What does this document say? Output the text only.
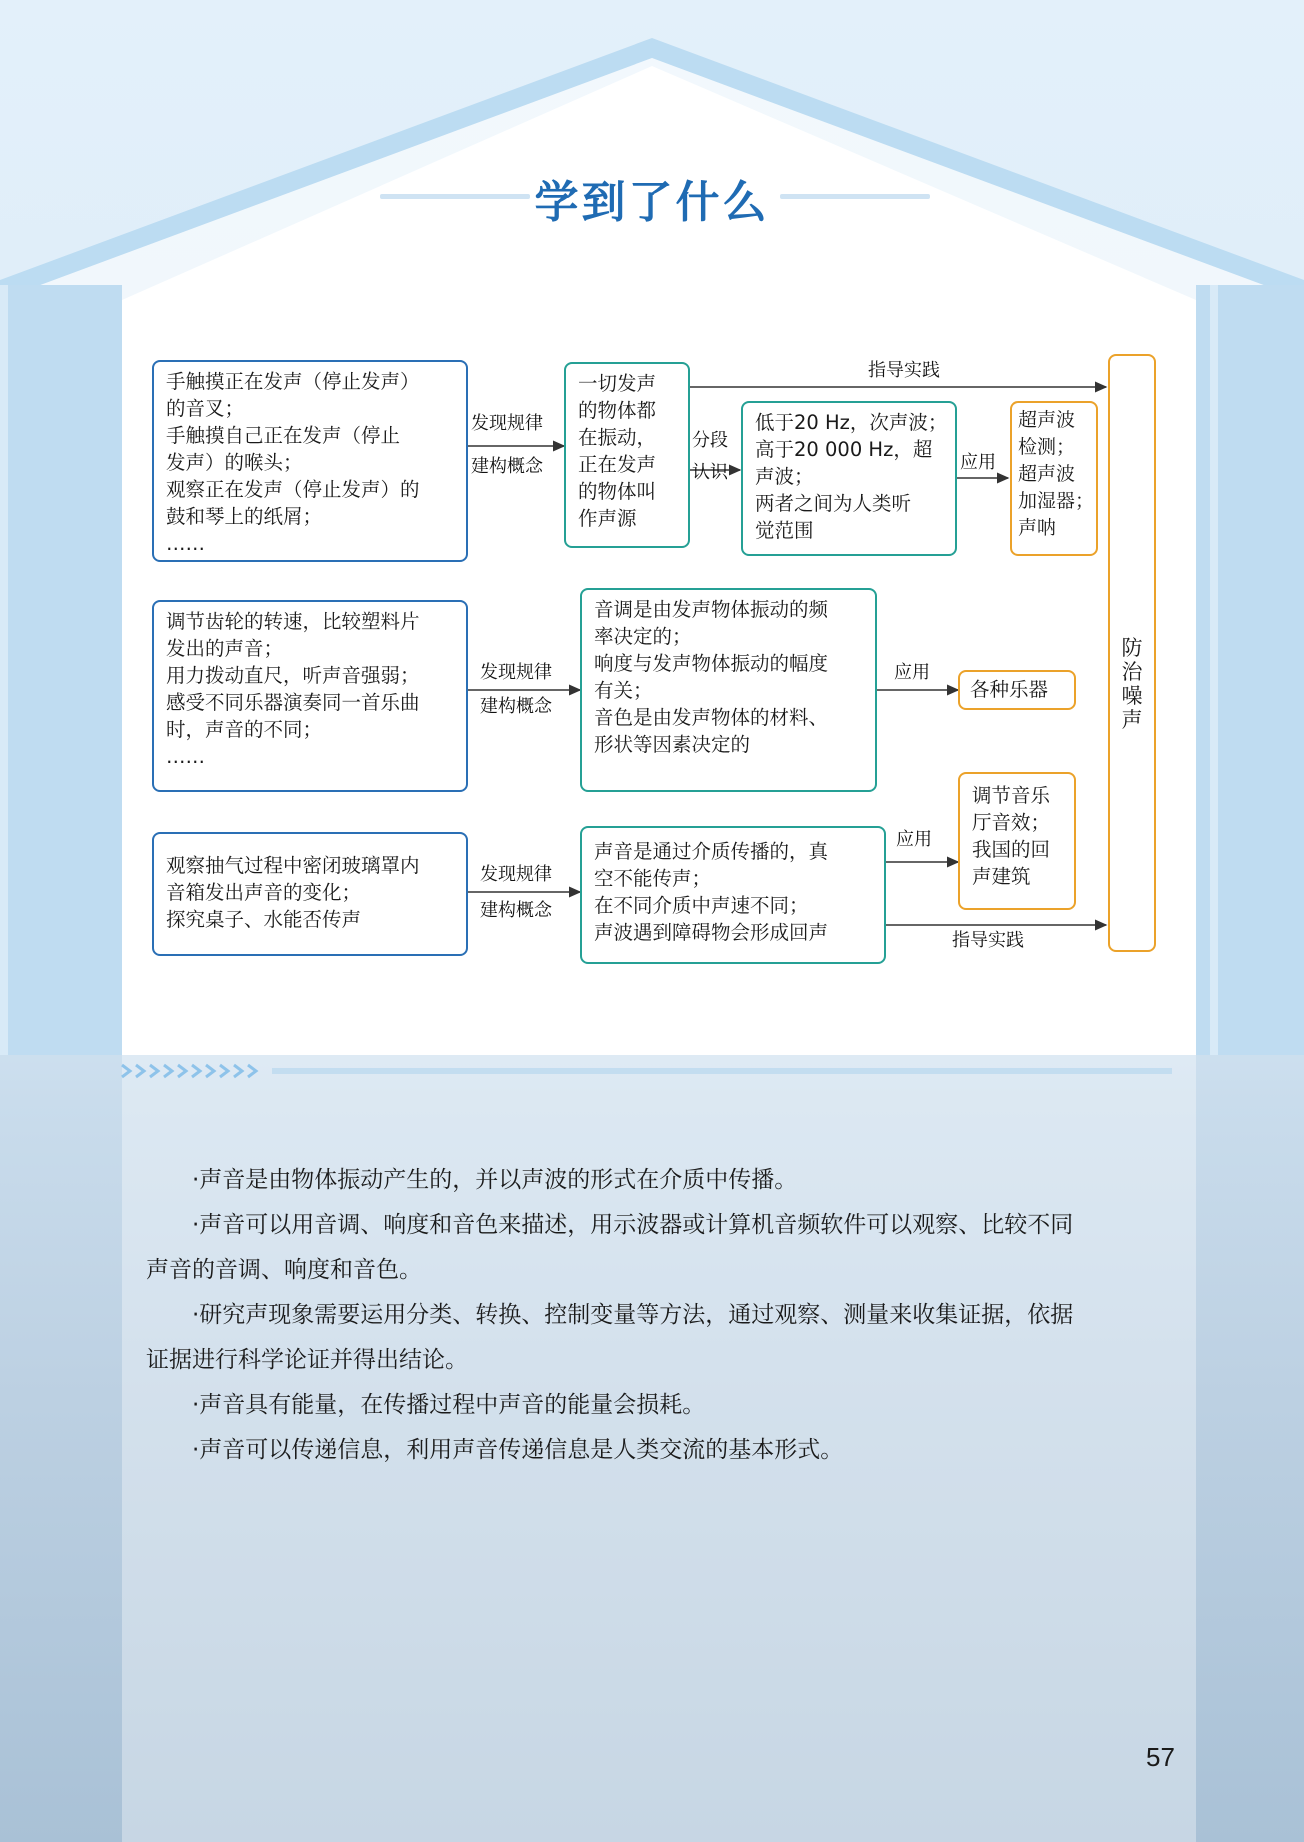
学到了什么
手触摸正在发声（停止发声）
的音叉；
手触摸自己正在发声（停止
发声）的喉头；
观察正在发声（停止发声）的
鼓和琴上的纸屑；
……
发现规律
建构概念
一切发声
的物体都
在振动，
正在发声
的物体叫
作声源
分段
认识
低于20 Hz，次声波；
高于20 000 Hz，超
声波；
两者之间为人类听
觉范围
应用
超声波
检测；
超声波
加湿器；
声呐
指导实践
调节齿轮的转速，比较塑料片
发出的声音；
用力拨动直尺，听声音强弱；
感受不同乐器演奏同一首乐曲
时，声音的不同；
……
发现规律
建构概念
音调是由发声物体振动的频
率决定的；
响度与发声物体振动的幅度
有关；
音色是由发声物体的材料、
形状等因素决定的
应用
各种乐器
观察抽气过程中密闭玻璃罩内
音箱发出声音的变化；
探究桌子、水能否传声
发现规律
建构概念
声音是通过介质传播的，真
空不能传声；
在不同介质中声速不同；
声波遇到障碍物会形成回声
应用
调节音乐
厅音效；
我国的回
声建筑
指导实践
防
治
噪
声

·声音是由物体振动产生的，并以声波的形式在介质中传播。

·声音可以用音调、响度和音色来描述，用示波器或计算机音频软件可以观察、比较不同

声音的音调、响度和音色。

·研究声现象需要运用分类、转换、控制变量等方法，通过观察、测量来收集证据，依据

证据进行科学论证并得出结论。

·声音具有能量，在传播过程中声音的能量会损耗。

·声音可以传递信息，利用声音传递信息是人类交流的基本形式。

57
